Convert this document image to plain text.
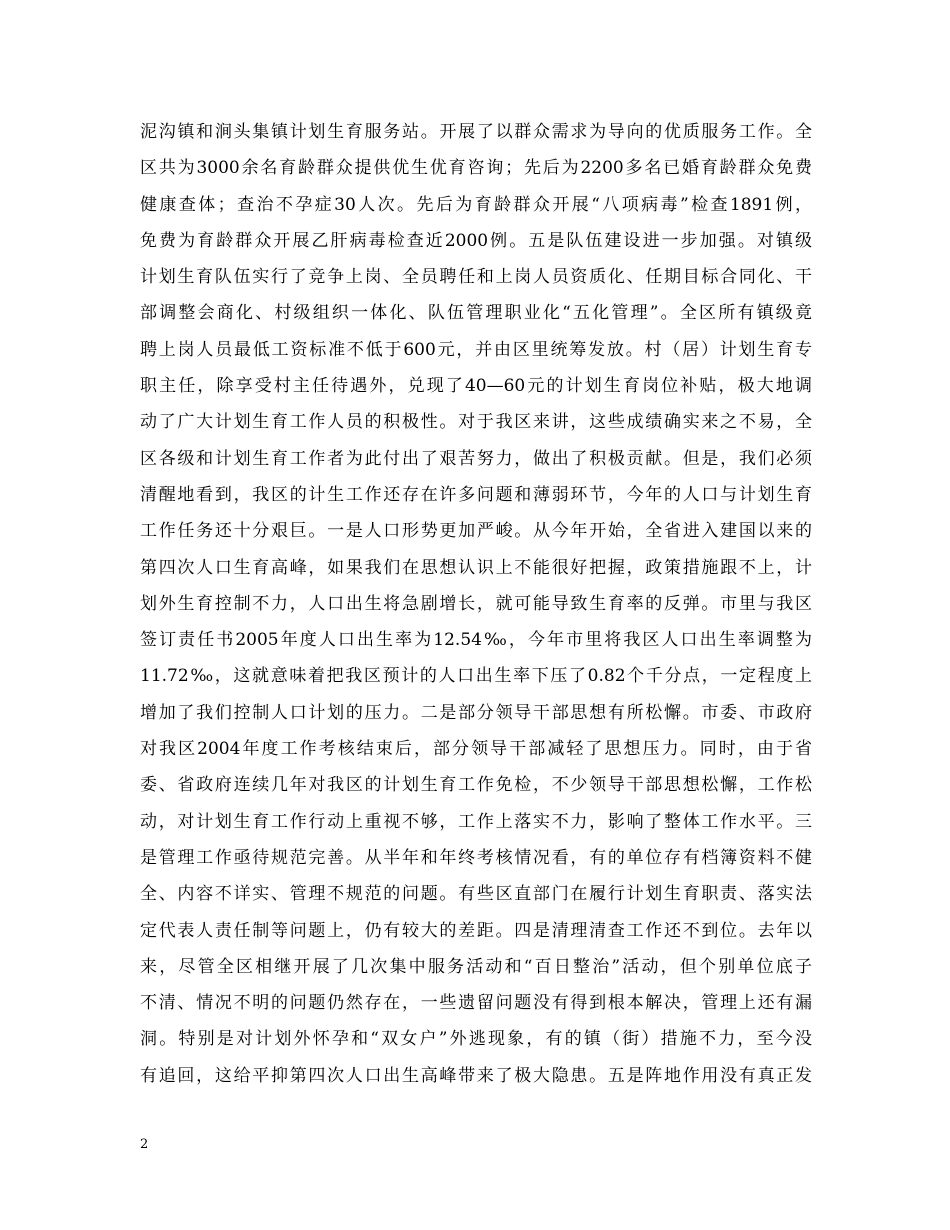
泥沟镇和涧头集镇计划生育服务站。开展了以群众需求为导向的优质服务工作。全
区共为3000余名育龄群众提供优生优育咨询；先后为2200多名已婚育龄群众免费
健康查体；查治不孕症30人次。先后为育龄群众开展“八项病毒”检查1891例，
免费为育龄群众开展乙肝病毒检查近2000例。五是队伍建设进一步加强。对镇级
计划生育队伍实行了竞争上岗、全员聘任和上岗人员资质化、任期目标合同化、干
部调整会商化、村级组织一体化、队伍管理职业化“五化管理”。全区所有镇级竟
聘上岗人员最低工资标准不低于600元，并由区里统筹发放。村（居）计划生育专
职主任，除享受村主任待遇外，兑现了40—60元的计划生育岗位补贴，极大地调
动了广大计划生育工作人员的积极性。对于我区来讲，这些成绩确实来之不易，全
区各级和计划生育工作者为此付出了艰苦努力，做出了积极贡献。但是，我们必须
清醒地看到，我区的计生工作还存在许多问题和薄弱环节，今年的人口与计划生育
工作任务还十分艰巨。一是人口形势更加严峻。从今年开始，全省进入建国以来的
第四次人口生育高峰，如果我们在思想认识上不能很好把握，政策措施跟不上，计
划外生育控制不力，人口出生将急剧增长，就可能导致生育率的反弹。市里与我区
签订责任书2005年度人口出生率为12.54‰，今年市里将我区人口出生率调整为
11.72‰，这就意味着把我区预计的人口出生率下压了0.82个千分点，一定程度上
增加了我们控制人口计划的压力。二是部分领导干部思想有所松懈。市委、市政府
对我区2004年度工作考核结束后，部分领导干部减轻了思想压力。同时，由于省
委、省政府连续几年对我区的计划生育工作免检，不少领导干部思想松懈，工作松
动，对计划生育工作行动上重视不够，工作上落实不力，影响了整体工作水平。三
是管理工作亟待规范完善。从半年和年终考核情况看，有的单位存有档簿资料不健
全、内容不详实、管理不规范的问题。有些区直部门在履行计划生育职责、落实法
定代表人责任制等问题上，仍有较大的差距。四是清理清查工作还不到位。去年以
来，尽管全区相继开展了几次集中服务活动和“百日整治”活动，但个别单位底子
不清、情况不明的问题仍然存在，一些遗留问题没有得到根本解决，管理上还有漏
洞。特别是对计划外怀孕和“双女户”外逃现象，有的镇（街）措施不力，至今没
有追回，这给平抑第四次人口出生高峰带来了极大隐患。五是阵地作用没有真正发
2
